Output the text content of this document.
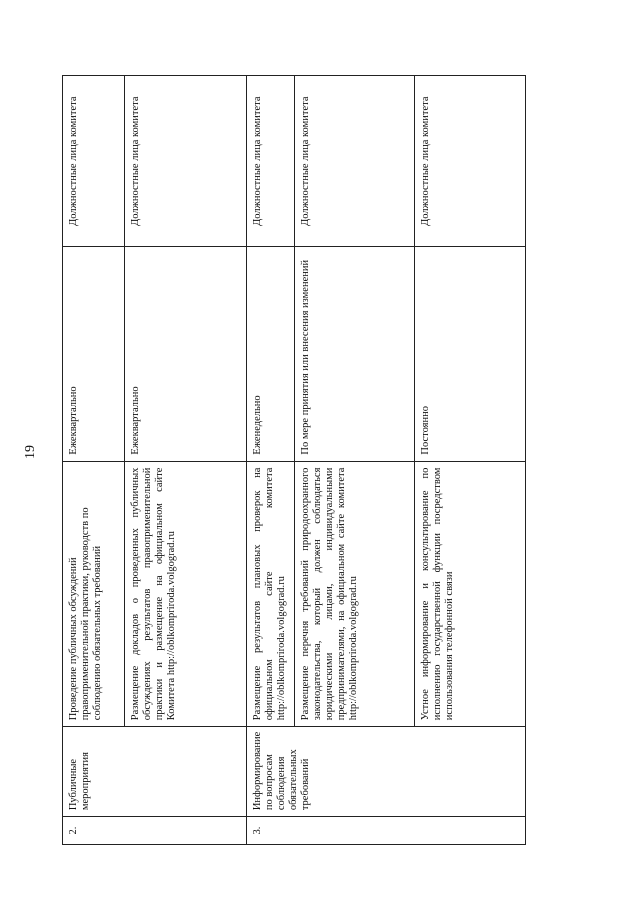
19
2.	Публичные мероприятия	Проведение публичных обсуждений правоприменительной практики, руководств по соблюдению обязательных требований	Ежеквартально	Должностные лица комитета
		Размещение докладов о проведенных публичных обсуждениях результатов правоприменительной практики и размещение на официальном сайте Комитета http://oblkompriroda.volgograd.ru	Ежеквартально	Должностные лица комитета
3.	Информирование по вопросам соблюдения обязательных требований	Размещение результатов плановых проверок на официальном сайте комитета http://oblkompriroda.volgograd.ru	Еженедельно	Должностные лица комитета
		Размещение перечня требований природоохранного законодательства, который должен соблюдаться юридическими лицами, индивидуальными предпринимателями, на официальном сайте комитета http://oblkompriroda.volgograd.ru	По мере принятия или внесения изменений	Должностные лица комитета
		Устное информирование и консультирование по исполнению государственной функции посредством использования телефонной связи	Постоянно	Должностные лица комитета
